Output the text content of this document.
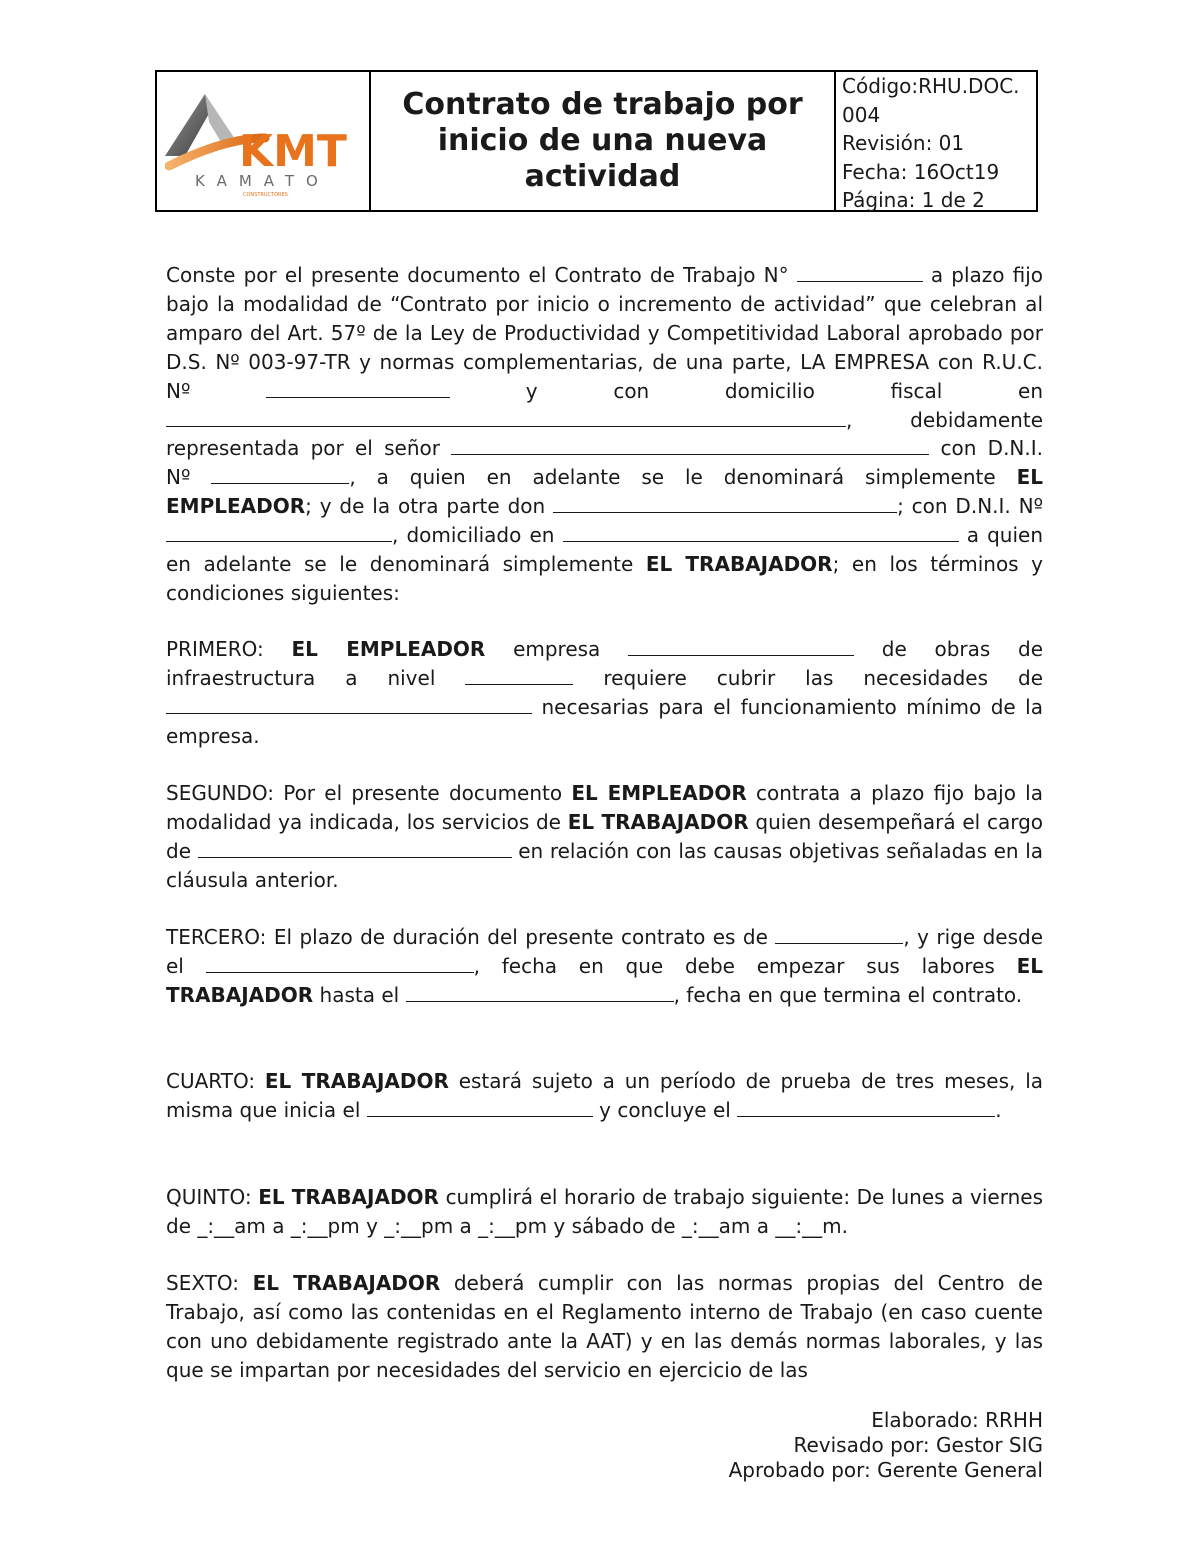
KMT
KAMATO
CONSTRUCTORES
Contrato de trabajo por inicio de una nueva actividad
Código:RHU.DOC.004
Revisión: 01
Fecha: 16Oct19
Página: 1 de 2

Conste por el presente documento el Contrato de Trabajo N°	a plazo fijo bajo la modalidad de “Contrato por inicio o incremento de actividad” que celebran al amparo del Art. 57º de la Ley de Productividad y Competitividad Laboral aprobado por D.S. Nº 003-97-TR y normas complementarias, de una parte, LA EMPRESA con R.U.C. Nº	y con domicilio fiscal en , debidamente representada por el señor	con D.N.I. Nº	, a quien en adelante se le denominará simplemente EL EMPLEADOR; y de la otra parte don	; con D.N.I. Nº , domiciliado en	a quien en adelante se le denominará simplemente EL TRABAJADOR; en los términos y condiciones siguientes:

PRIMERO: EL EMPLEADOR empresa	de obras de infraestructura a nivel	requiere cubrir las necesidades de necesarias para el funcionamiento mínimo de la empresa.

SEGUNDO: Por el presente documento EL EMPLEADOR contrata a plazo fijo bajo la modalidad ya indicada, los servicios de EL TRABAJADOR quien desempeñará el cargo de	en relación con las causas objetivas señaladas en la cláusula anterior.

TERCERO: El plazo de duración del presente contrato es de	, y rige desde el	, fecha en que debe empezar sus labores EL TRABAJADOR hasta el	, fecha en que termina el contrato.

CUARTO: EL TRABAJADOR estará sujeto a un período de prueba de tres meses, la misma que inicia el	y concluye el	.

QUINTO: EL TRABAJADOR cumplirá el horario de trabajo siguiente: De lunes a viernes de _:__am a _:__pm y _:__pm a _:__pm y sábado de _:__am a __:__m.

SEXTO: EL TRABAJADOR deberá cumplir con las normas propias del Centro de Trabajo, así como las contenidas en el Reglamento interno de Trabajo (en caso cuente con uno debidamente registrado ante la AAT) y en las demás normas laborales, y las que se impartan por necesidades del servicio en ejercicio de las

Elaborado: RRHH
Revisado por: Gestor SIG
Aprobado por: Gerente General
